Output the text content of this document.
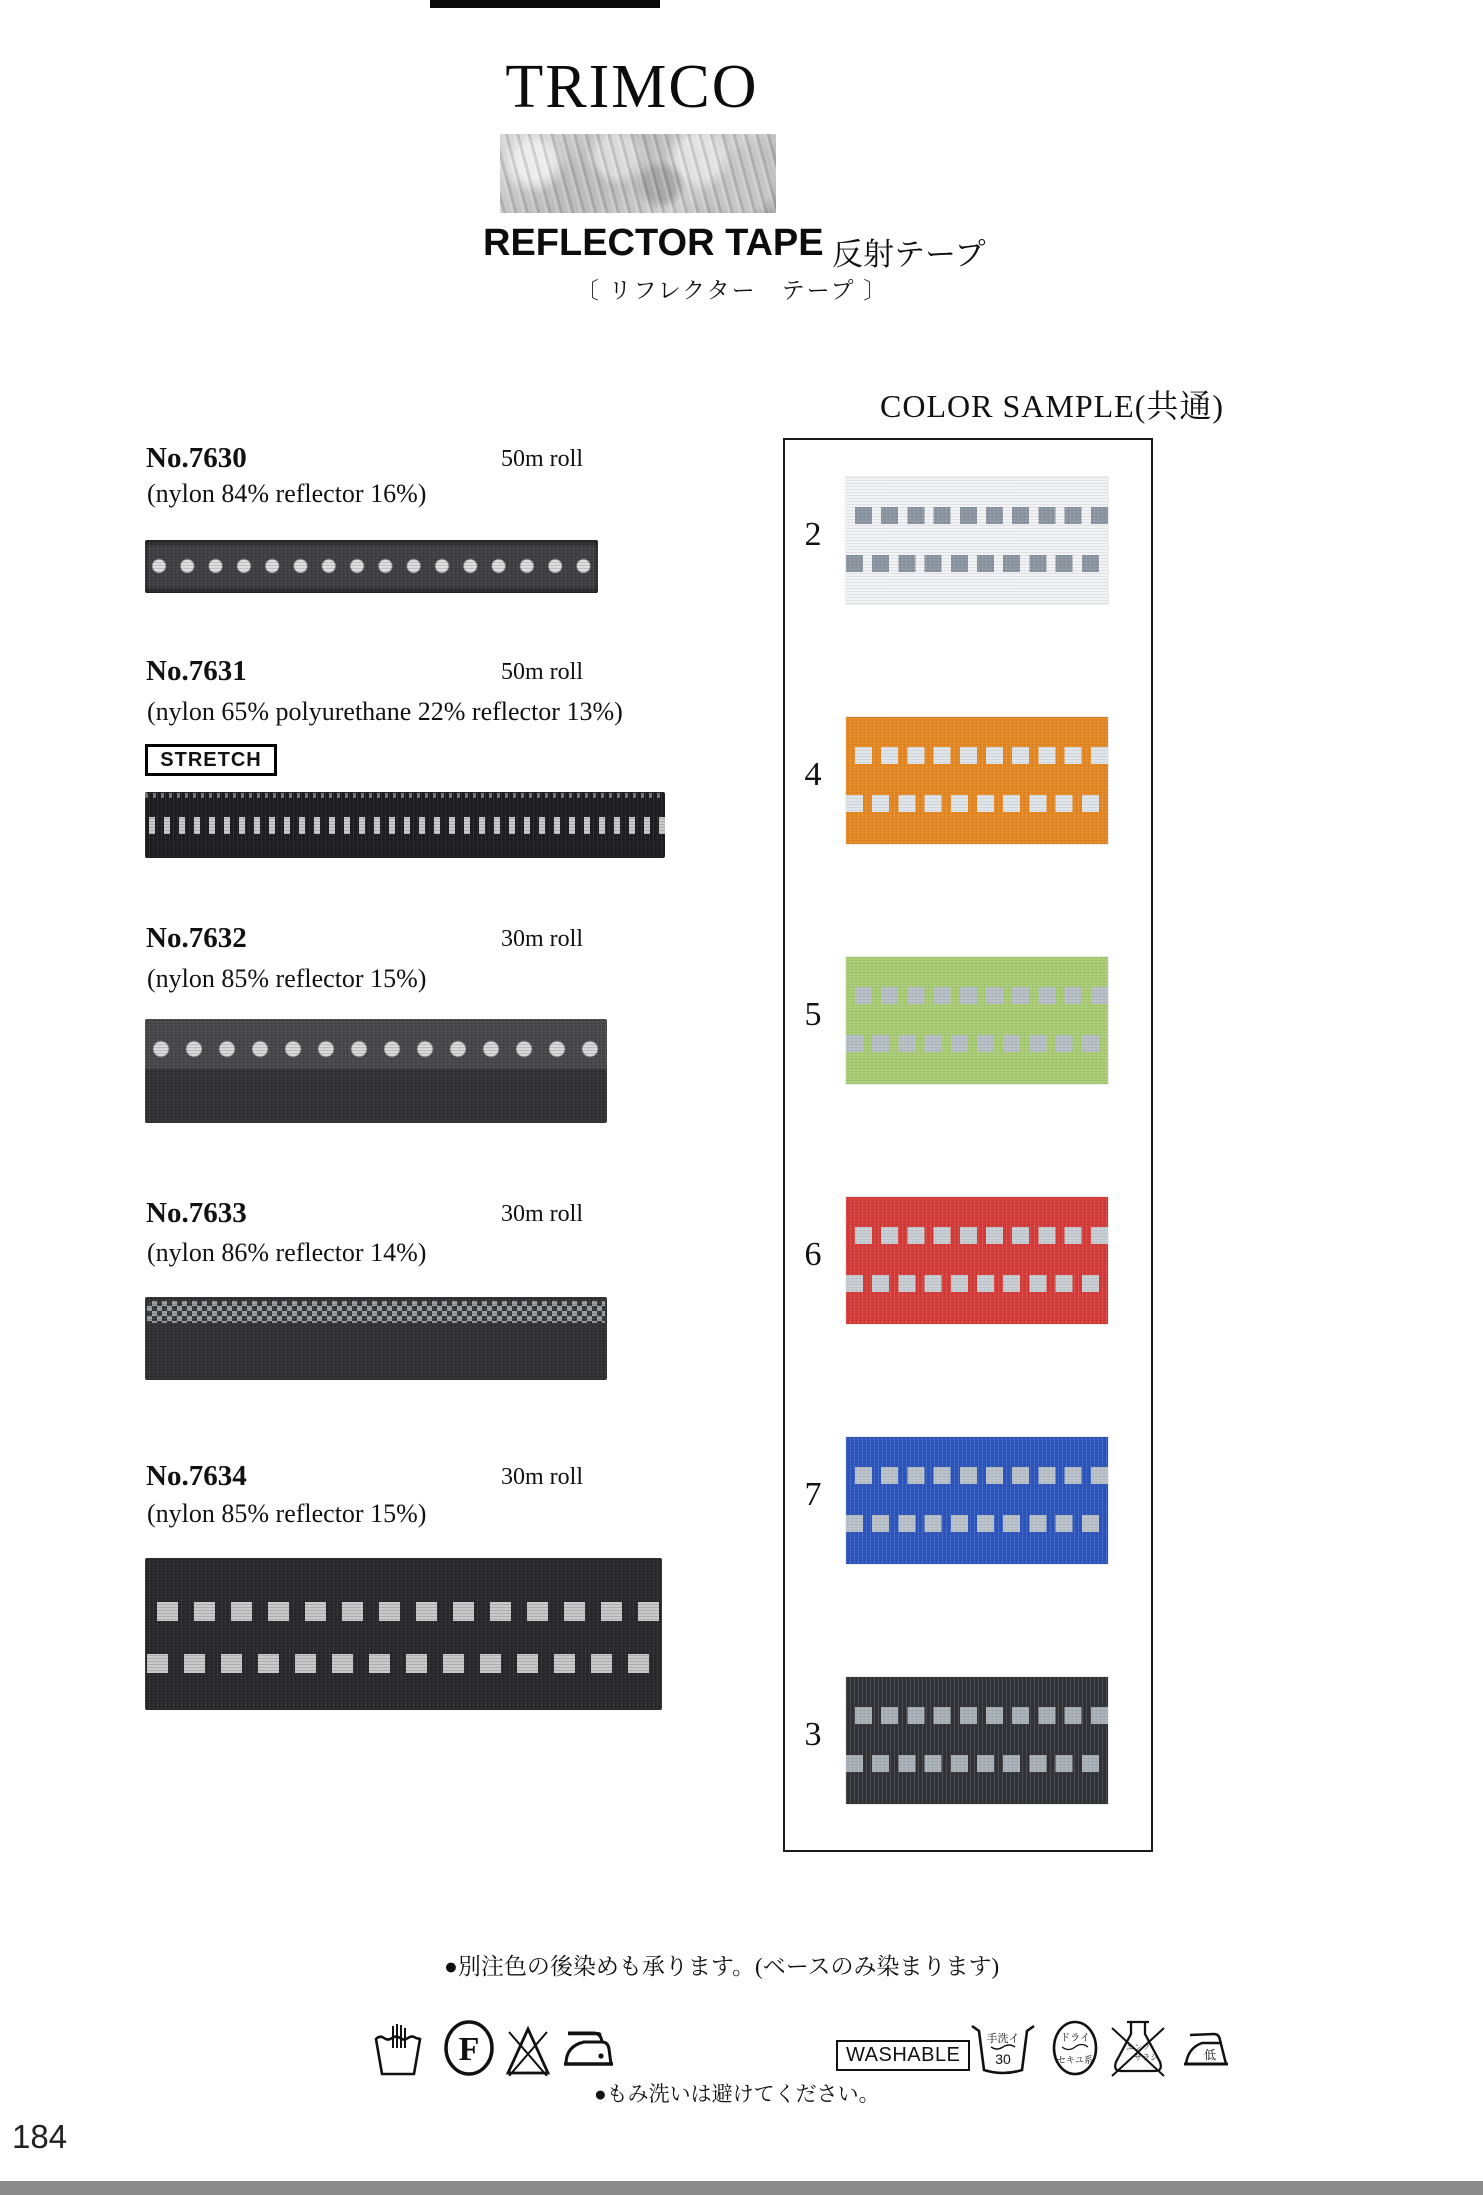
TRIMCO
REFLECTOR TAPE 反射テープ
〔 リフレクター　テープ 〕
No.7630	50m roll
(nylon 84% reflector 16%)
No.7631	50m roll
(nylon 65% polyurethane 22% reflector 13%)
STRETCH
No.7632	30m roll
(nylon 85% reflector 15%)
No.7633	30m roll
(nylon 86% reflector 14%)
No.7634	30m roll
(nylon 85% reflector 15%)
COLOR SAMPLE(共通)
2
4
5
6
7
3
●別注色の後染めも承ります。(ベースのみ染まります)
F	WASHABLE
手洗イ
30
ドライ
セキユ系
エンソ
サラシ	低
●もみ洗いは避けてください。
184
